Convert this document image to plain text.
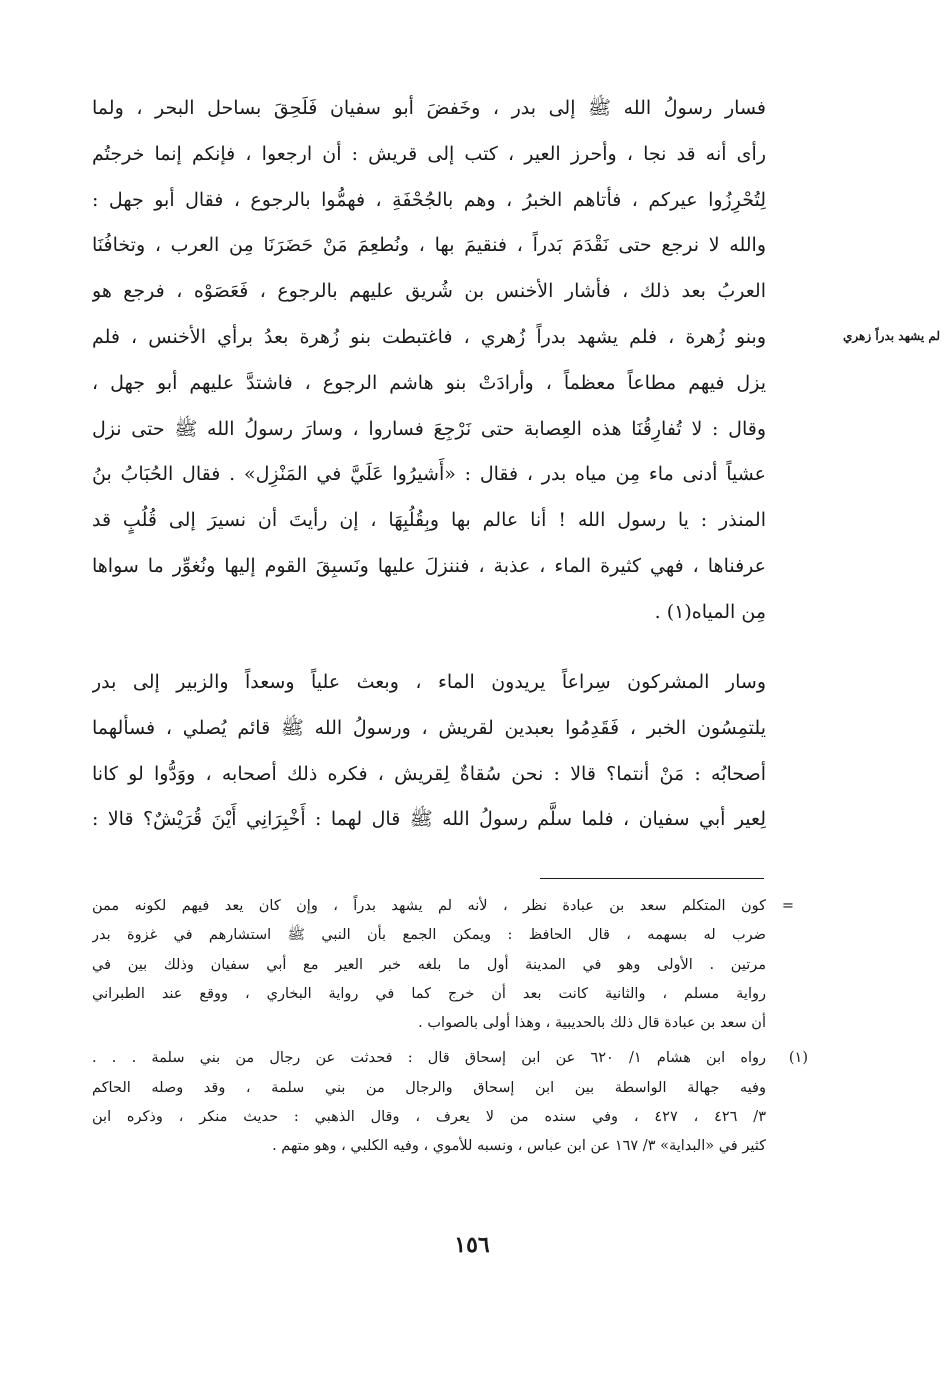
فسار رسولُ الله ﷺ إلى بدر ، وخَفضَ أبو سفيان فَلَحِقَ بساحل البحر ، ولما
رأى أنه قد نجا ، وأحرز العير ، كتب إلى قريش : أن ارجعوا ، فإنكم إنما خرجتُم
لِتُحْرِزُوا عيركم ، فأتاهم الخبرُ ، وهم بالجُحْفَةِ ، فهمُّوا بالرجوع ، فقال أبو جهل :
والله لا نرجع حتى نَقْدَمَ بَدراً ، فنقيمَ بها ، ونُطعِمَ مَنْ حَضَرَنَا مِن العرب ، وتخافُنَا
العربُ بعد ذلك ، فأشار الأخنس بن شُريق عليهم بالرجوع ، فَعَصَوْه ، فرجع هو
وبنو زُهرة ، فلم يشهد بدراً زُهري ، فاغتبطت بنو زُهرة بعدُ برأي الأخنس ، فلم
يزل فيهم مطاعاً معظماً ، وأرادَتْ بنو هاشم الرجوع ، فاشتدَّ عليهم أبو جهل ،
وقال : لا تُفارِقُنَا هذه العِصابة حتى نَرْجِعَ فساروا ، وسارَ رسولُ الله ﷺ حتى نزل
عشياً أدنى ماء مِن مياه بدر ، فقال : «أَشيرُوا عَلَيَّ في المَنْزِل» . فقال الحُبَابُ بنُ
المنذر : يا رسول الله ! أنا عالم بها وبِقُلُبِهَا ، إن رأيتَ أن نسيرَ إلى قُلُبٍ قد
عرفناها ، فهي كثيرة الماء ، عذبة ، فننزلَ عليها ونَسبِقَ القوم إليها ونُغوِّر ما سواها
مِن المياه(١) .
لم يشهد بدراً زهري
وسار المشركون سِراعاً يريدون الماء ، وبعث علياً وسعداً والزبير إلى بدر
يلتمِسُون الخبر ، فَقَدِمُوا بعبدين لقريش ، ورسولُ الله ﷺ قائم يُصلي ، فسألهما
أصحابُه : مَنْ أنتما؟ قالا : نحن سُقاةٌ لِقريش ، فكره ذلك أصحابه ، ووَدُّوا لو كانا
لِعير أبي سفيان ، فلما سلَّم رسولُ الله ﷺ قال لهما : أَخْبِرَانِي أَيْنَ قُرَيْشٌ؟ قالا :
=
كون المتكلم سعد بن عبادة نظر ، لأنه لم يشهد بدراً ، وإن كان يعد فيهم لكونه ممن
ضرب له بسهمه ، قال الحافظ : ويمكن الجمع بأن النبي ﷺ استشارهم في غزوة بدر
مرتين . الأولى وهو في المدينة أول ما بلغه خبر العير مع أبي سفيان وذلك بين في
رواية مسلم ، والثانية كانت بعد أن خرج كما في رواية البخاري ، ووقع عند الطبراني
أن سعد بن عبادة قال ذلك بالحديبية ، وهذا أولى بالصواب .
(١)
رواه ابن هشام ١/ ٦٢٠ عن ابن إسحاق قال : فحدثت عن رجال من بني سلمة . . .
وفيه جهالة الواسطة بين ابن إسحاق والرجال من بني سلمة ، وقد وصله الحاكم
٣/ ٤٢٦ ، ٤٢٧ ، وفي سنده من لا يعرف ، وقال الذهبي : حديث منكر ، وذكره ابن
كثير في «البداية» ٣/ ١٦٧ عن ابن عباس ، ونسبه للأموي ، وفيه الكلبي ، وهو متهم .
١٥٦
